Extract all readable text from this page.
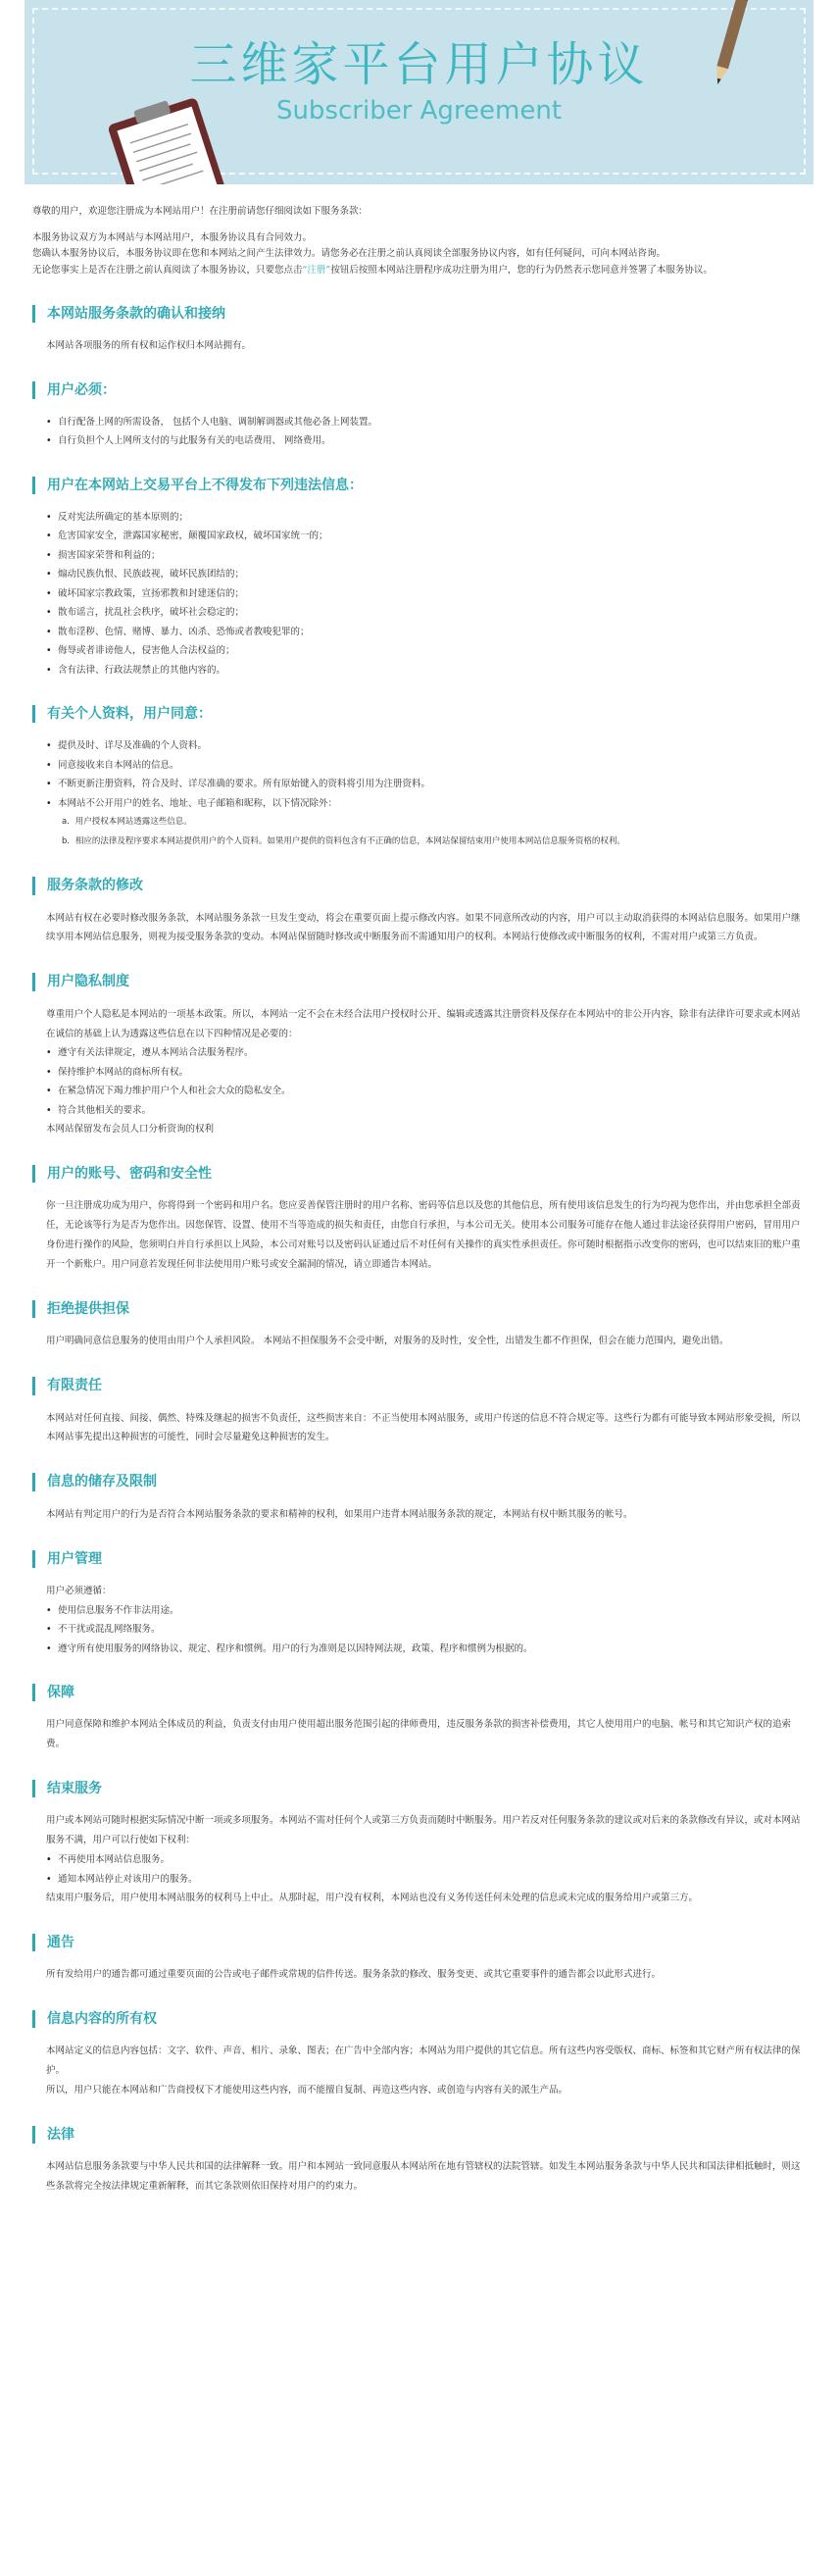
三维家平台用户协议
Subscriber Agreement

尊敬的用户，欢迎您注册成为本网站用户！在注册前请您仔细阅读如下服务条款：

本服务协议双方为本网站与本网站用户，本服务协议具有合同效力。

您确认本服务协议后，本服务协议即在您和本网站之间产生法律效力。请您务必在注册之前认真阅读全部服务协议内容，如有任何疑问，可向本网站咨询。

无论您事实上是否在注册之前认真阅读了本服务协议，只要您点击“注册”按钮后按照本网站注册程序成功注册为用户，您的行为仍然表示您同意并签署了本服务协议。

本网站服务条款的确认和接纳

本网站各项服务的所有权和运作权归本网站拥有。

用户必须：
• 自行配备上网的所需设备， 包括个人电脑、调制解调器或其他必备上网装置。
• 自行负担个人上网所支付的与此服务有关的电话费用、 网络费用。
用户在本网站上交易平台上不得发布下列违法信息：
• 反对宪法所确定的基本原则的；
• 危害国家安全，泄露国家秘密，颠覆国家政权，破坏国家统一的；
• 损害国家荣誉和利益的；
• 煽动民族仇恨、民族歧视，破坏民族团结的；
• 破坏国家宗教政策，宣扬邪教和封建迷信的；
• 散布谣言，扰乱社会秩序，破坏社会稳定的；
• 散布淫秽、色情、赌博、暴力、凶杀、恐怖或者教唆犯罪的；
• 侮辱或者诽谤他人，侵害他人合法权益的；
• 含有法律、行政法规禁止的其他内容的。
有关个人资料，用户同意：
• 提供及时、详尽及准确的个人资料。
• 同意接收来自本网站的信息。
• 不断更新注册资料，符合及时、详尽准确的要求。所有原始键入的资料将引用为注册资料。
• 本网站不公开用户的姓名、地址、电子邮箱和昵称，以下情况除外：

a．用户授权本网站透露这些信息。

b．相应的法律及程序要求本网站提供用户的个人资料。如果用户提供的资料包含有不正确的信息，本网站保留结束用户使用本网站信息服务资格的权利。

服务条款的修改

本网站有权在必要时修改服务条款，本网站服务条款一旦发生变动，将会在重要页面上提示修改内容。如果不同意所改动的内容，用户可以主动取消获得的本网站信息服务。如果用户继续享用本网站信息服务，则视为接受服务条款的变动。本网站保留随时修改或中断服务而不需通知用户的权利。本网站行使修改或中断服务的权利，不需对用户或第三方负责。

用户隐私制度

尊重用户个人隐私是本网站的一项基本政策。所以，本网站一定不会在未经合法用户授权时公开、编辑或透露其注册资料及保存在本网站中的非公开内容，除非有法律许可要求或本网站在诚信的基础上认为透露这些信息在以下四种情况是必要的：

• 遵守有关法律规定，遵从本网站合法服务程序。
• 保持维护本网站的商标所有权。
• 在紧急情况下竭力维护用户个人和社会大众的隐私安全。
• 符合其他相关的要求。

本网站保留发布会员人口分析资询的权利

用户的账号、密码和安全性

你一旦注册成功成为用户，你将得到一个密码和用户名。您应妥善保管注册时的用户名称、密码等信息以及您的其他信息，所有使用该信息发生的行为均视为您作出，并由您承担全部责任，无论该等行为是否为您作出。因您保管、设置、使用不当等造成的损失和责任，由您自行承担，与本公司无关。使用本公司服务可能存在他人通过非法途径获得用户密码，冒用用户身份进行操作的风险，您须明白并自行承担以上风险，本公司对账号以及密码认证通过后不对任何有关操作的真实性承担责任。你可随时根据指示改变你的密码，也可以结束旧的账户重开一个新账户。用户同意若发现任何非法使用用户账号或安全漏洞的情况，请立即通告本网站。

拒绝提供担保

用户明确同意信息服务的使用由用户个人承担风险。 本网站不担保服务不会受中断，对服务的及时性，安全性，出错发生都不作担保，但会在能力范围内，避免出错。

有限责任

本网站对任何直接、间接、偶然、特殊及继起的损害不负责任，这些损害来自：不正当使用本网站服务，或用户传送的信息不符合规定等。这些行为都有可能导致本网站形象受损，所以本网站事先提出这种损害的可能性，同时会尽量避免这种损害的发生。

信息的储存及限制

本网站有判定用户的行为是否符合本网站服务条款的要求和精神的权利，如果用户违背本网站服务条款的规定，本网站有权中断其服务的帐号。

用户管理

用户必须遵循：

• 使用信息服务不作非法用途。
• 不干扰或混乱网络服务。
• 遵守所有使用服务的网络协议、规定、程序和惯例。用户的行为准则是以因特网法规，政策、程序和惯例为根据的。
保障

用户同意保障和维护本网站全体成员的利益，负责支付由用户使用超出服务范围引起的律师费用，违反服务条款的损害补偿费用，其它人使用用户的电脑、帐号和其它知识产权的追索费。

结束服务

用户或本网站可随时根据实际情况中断一项或多项服务。本网站不需对任何个人或第三方负责而随时中断服务。用户若反对任何服务条款的建议或对后来的条款修改有异议，或对本网站服务不满，用户可以行使如下权利：

• 不再使用本网站信息服务。
• 通知本网站停止对该用户的服务。

结束用户服务后，用户使用本网站服务的权利马上中止。从那时起，用户没有权利，本网站也没有义务传送任何未处理的信息或未完成的服务给用户或第三方。

通告

所有发给用户的通告都可通过重要页面的公告或电子邮件或常规的信件传送。服务条款的修改、服务变更、或其它重要事件的通告都会以此形式进行。

信息内容的所有权

本网站定义的信息内容包括：文字、软件、声音、相片、录象、图表；在广告中全部内容；本网站为用户提供的其它信息。所有这些内容受版权、商标、标签和其它财产所有权法律的保护。

所以，用户只能在本网站和广告商授权下才能使用这些内容，而不能擅自复制、再造这些内容、或创造与内容有关的派生产品。

法律

本网站信息服务条款要与中华人民共和国的法律解释一致。用户和本网站一致同意服从本网站所在地有管辖权的法院管辖。如发生本网站服务条款与中华人民共和国法律相抵触时，则这些条款将完全按法律规定重新解释，而其它条款则依旧保持对用户的约束力。
